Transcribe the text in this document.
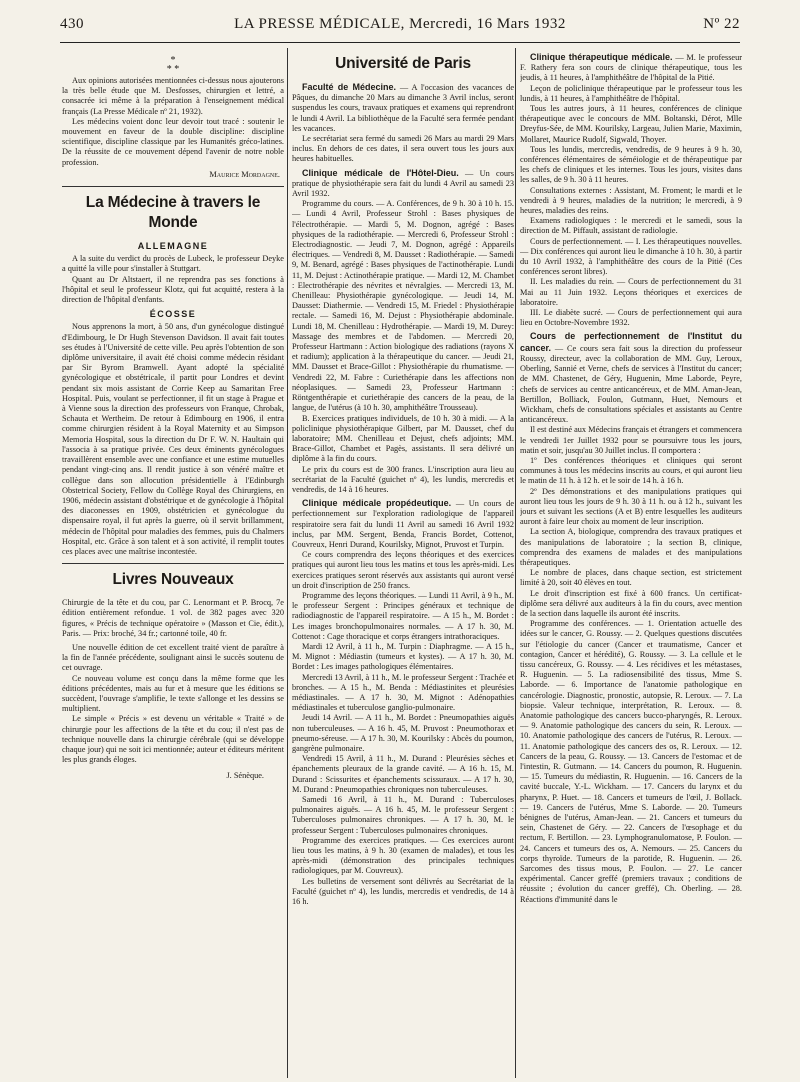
430	LA PRESSE MÉDICALE, Mercredi, 16 Mars 1932	Nº 22
*
* *

Aux opinions autorisées mentionnées ci-dessus nous ajouterons la très belle étude que M. Desfosses, chirurgien et lettré, a consacrée ici même à la préparation à l'enseignement médical français (La Presse Médicale nº 21, 1932).

Les médecins voient donc leur devoir tout tracé : soutenir le mouvement en faveur de la double discipline: discipline scientifique, discipline classique par les Humanités gréco-latines. De la réussite de ce mouvement dépend l'avenir de notre noble profession.

Maurice Mordagne.

La Médecine à travers le Monde
ALLEMAGNE

A la suite du verdict du procès de Lubeck, le professeur Deyke a quitté la ville pour s'installer à Stuttgart.

Quant au Dr Altstaert, il ne reprendra pas ses fonctions à l'hôpital et seul le professeur Klotz, qui fut acquitté, restera à la direction de l'hôpital d'enfants.

ÉCOSSE

Nous apprenons la mort, à 50 ans, d'un gynécologue distingué d'Edimbourg, le Dr Hugh Stevenson Davidson. Il avait fait toutes ses études à l'Université de cette ville. Peu après l'obtention de son diplôme universitaire, il avait été choisi comme médecin résidant par Sir Byrom Bramwell. Ayant adopté la spécialité gynécologique et obstétricale, il partit pour Londres et devint pendant six mois assistant de Corrie Keep au Samaritan Free Hospital. Puis, voulant se perfectionner, il fit un stage à Prague et à Vienne sous la direction des professeurs von Franque, Chrobak, Schauta et Wertheim. De retour à Edimbourg en 1906, il entra comme chirurgien résident à la Royal Maternity et au Simpson Memoria Hospital, sous la direction du Dr F. W. N. Haultain qui l'associa à sa pratique privée. Ces deux éminents gynécologues travaillèrent ensemble avec une confiance et une estime mutuelles pendant vingt-cinq ans. Il rendit justice à son vénéré maître et collègue dans son allocution présidentielle à l'Edinburgh Obstetrical Society, Fellow du Collège Royal des Chirurgiens, en 1906, médecin assistant d'obstétrique et de gynécologie à l'hôpital des diaconesses en 1909, obstétricien et gynécologue du dispensaire royal, il fut après la guerre, où il servit brillamment, médecin de l'hôpital pour maladies des femmes, puis du Chalmers Hospital, etc. Grâce à son talent et à son activité, il remplit toutes ces places avec une maîtrise incontestée.

Livres Nouveaux

Chirurgie de la tête et du cou, par C. Lenormant et P. Brocq, 7e édition entièrement refondue. 1 vol. de 382 pages avec 320 figures, « Précis de technique opératoire » (Masson et Cie, édit.), Paris. — Prix: broché, 34 fr.; cartonné toile, 40 fr.

Une nouvelle édition de cet excellent traité vient de paraître à la fin de l'année précédente, soulignant ainsi le succès soutenu de cet ouvrage.

Ce nouveau volume est conçu dans la même forme que les éditions précédentes, mais au fur et à mesure que les éditions se succèdent, l'ouvrage s'amplifie, le texte s'allonge et les dessins se multiplient.

Le simple « Précis » est devenu un véritable « Traité » de chirurgie pour les affections de la tête et du cou; il n'est pas de technique nouvelle dans la chirurgie cérébrale (qui se développe chaque jour) qui ne soit ici mentionnée; auteur et éditeurs méritent les plus grands éloges.

J. Sénèque.

Université de Paris

Faculté de Médecine. — A l'occasion des vacances de Pâques, du dimanche 20 Mars au dimanche 3 Avril inclus, seront suspendus les cours, travaux pratiques et examens qui reprendront le lundi 4 Avril. La bibliothèque de la Faculté sera fermée pendant les vacances.

Le secrétariat sera fermé du samedi 26 Mars au mardi 29 Mars inclus. En dehors de ces dates, il sera ouvert tous les jours aux heures habituelles.

Clinique médicale de l'Hôtel-Dieu. — Un cours pratique de physiothérapie sera fait du lundi 4 Avril au samedi 23 Avril 1932.

Programme du cours. — A. Conférences, de 9 h. 30 à 10 h. 15. — Lundi 4 Avril, Professeur Strohl : Bases physiques de l'électrothérapie. — Mardi 5, M. Dognon, agrégé : Bases physiques de la radiothérapie. — Mercredi 6, Professeur Strohl : Electrodiagnostic. — Jeudi 7, M. Dognon, agrégé : Appareils électriques. — Vendredi 8, M. Dausset : Radiothérapie. — Samedi 9, M. Benard, agrégé : Bases physiques de l'actinothérapie. Lundi 11, M. Dejust : Actinothérapie pratique. — Mardi 12, M. Chambet : Electrothérapie des névrites et névralgies. — Mercredi 13, M. Chenilleau: Physiothérapie gynécologique. — Jeudi 14, M. Dausset: Diathermie. — Vendredi 15, M. Friedel : Physiothérapie rectale. — Samedi 16, M. Dejust : Physiothérapie abdominale. Lundi 18, M. Chenilleau : Hydrothérapie. — Mardi 19, M. Durey: Massage des membres et de l'abdomen. — Mercredi 20, Professeur Hartmann : Action biologique des radiations (rayons X et radium); application à la thérapeutique du cancer. — Jeudi 21, MM. Dausset et Brace-Gillot : Physiothérapie du rhumatisme. — Vendredi 22, M. Fabre : Curiethérapie dans les affections non néoplasiques. — Samedi 23, Professeur Hartmann : Röntgenthérapie et curiethérapie des cancers de la peau, de la langue, de l'utérus (à 10 h. 30, amphithéâtre Trousseau).

B. Exercices pratiques individuels, de 10 h. 30 à midi. — A la policlinique physiothérapique Gilbert, par M. Dausset, chef du laboratoire; MM. Chenilleau et Dejust, chefs adjoints; MM. Brace-Gillot, Chambet et Pagès, assistants. Il sera délivré un diplôme à la fin du cours.

Le prix du cours est de 300 francs. L'inscription aura lieu au secrétariat de la Faculté (guichet nº 4), les lundis, mercredis et vendredis, de 14 à 16 heures.

Clinique médicale propédeutique. — Un cours de perfectionnement sur l'exploration radiologique de l'appareil respiratoire sera fait du lundi 11 Avril au samedi 16 Avril 1932 inclus, par MM. Sergent, Benda, Francis Bordet, Cottenot, Couvreux, Henri Durand, Kourilsky, Mignot, Pruvost et Turpin.

Ce cours comprendra des leçons théoriques et des exercices pratiques qui auront lieu tous les matins et tous les après-midi. Les exercices pratiques seront réservés aux assistants qui auront versé un droit d'inscription de 250 francs.

Programme des leçons théoriques. — Lundi 11 Avril, à 9 h., M. le professeur Sergent : Principes généraux et technique de radiodiagnostic de l'appareil respiratoire. — A 15 h., M. Bordet : Les images bronchopulmonaires normales. — A 17 h. 30, M. Cottenot : Cage thoracique et corps étrangers intrathoraciques.

Mardi 12 Avril, à 11 h., M. Turpin : Diaphragme. — A 15 h., M. Mignot : Médiastin (tumeurs et kystes). — A 17 h. 30, M. Bordet : Les images pathologiques élémentaires.

Mercredi 13 Avril, à 11 h., M. le professeur Sergent : Trachée et bronches. — A 15 h., M. Benda : Médiastinites et pleurésies médiastinales. — A 17 h. 30, M. Mignot : Adénopathies médiastinales et tuberculose ganglio-pulmonaire.

Jeudi 14 Avril. — A 11 h., M. Bordet : Pneumopathies aiguës non tuberculeuses. — A 16 h. 45, M. Pruvost : Pneumothorax et pneumo-séreuse. — A 17 h. 30, M. Kourilsky : Abcès du poumon, gangrène pulmonaire.

Vendredi 15 Avril, à 11 h., M. Durand : Pleurésies sèches et épanchements pleuraux de la grande cavité. — A 16 h. 15, M. Durand : Scissurites et épanchements scissuraux. — A 17 h. 30, M. Durand : Pneumopathies chroniques non tuberculeuses.

Samedi 16 Avril, à 11 h., M. Durand : Tuberculoses pulmonaires aiguës. — A 16 h. 45, M. le professeur Sergent : Tuberculoses pulmonaires chroniques. — A 17 h. 30, M. le professeur Sergent : Tuberculoses pulmonaires chroniques.

Programme des exercices pratiques. — Ces exercices auront lieu tous les matins, à 9 h. 30 (examen de malades), et tous les après-midi (démonstration des principales techniques radiologiques, par M. Couvreux).

Les bulletins de versement sont délivrés au Secrétariat de la Faculté (guichet nº 4), les lundis, mercredis et vendredis, de 14 à 16 h.

Clinique thérapeutique médicale. — M. le professeur F. Rathery fera son cours de clinique thérapeutique, tous les jeudis, à 11 heures, à l'amphithéâtre de l'hôpital de la Pitié.

Leçon de policlinique thérapeutique par le professeur tous les lundis, à 11 heures, à l'amphithéâtre de l'hôpital.

Tous les autres jours, à 11 heures, conférences de clinique thérapeutique avec le concours de MM. Boltanski, Dérot, Mlle Dreyfus-Sée, de MM. Kourilsky, Largeau, Julien Marie, Maximin, Mollaret, Maurice Rudolf, Sigwald, Thoyer.

Tous les lundis, mercredis, vendredis, de 9 heures à 9 h. 30, conférences élémentaires de séméiologie et de thérapeutique par les chefs de cliniques et les internes. Tous les jours, visites dans les salles, de 9 h. 30 à 11 heures.

Consultations externes : Assistant, M. Froment; le mardi et le vendredi à 9 heures, maladies de la nutrition; le mercredi, à 9 heures, maladies des reins.

Examens radiologiques : le mercredi et le samedi, sous la direction de M. Piffault, assistant de radiologie.

Cours de perfectionnement. — I. Les thérapeutiques nouvelles. — Dix conférences qui auront lieu le dimanche à 10 h. 30, à partir du 10 Avril 1932, à l'amphithéâtre des cours de la Pitié (Ces conférences seront libres).

II. Les maladies du rein. — Cours de perfectionnement du 31 Mai au 11 Juin 1932. Leçons théoriques et exercices de laboratoire.

III. Le diabète sucré. — Cours de perfectionnement qui aura lieu en Octobre-Novembre 1932.

Cours de perfectionnement de l'Institut du cancer. — Ce cours sera fait sous la direction du professeur Roussy, directeur, avec la collaboration de MM. Guy, Leroux, Oberling, Sannié et Verne, chefs de services à l'Institut du cancer; de MM. Chastenet, de Géry, Huguenin, Mme Laborde, Peyre, chefs de services au centre anticancéreux, et de MM. Aman-Jean, Bertillon, Bolliack, Foulon, Gutmann, Huet, Nemours et Wickham, chefs de consultations spéciales et assistants au Centre anticancéreux.

Il est destiné aux Médecins français et étrangers et commencera le vendredi 1er Juillet 1932 pour se poursuivre tous les jours, matin et soir, jusqu'au 30 Juillet inclus. Il comportera :

1º Des conférences théoriques et cliniques qui seront communes à tous les médecins inscrits au cours, et qui auront lieu le matin de 11 h. à 12 h. et le soir de 14 h. à 16 h.

2º Des démonstrations et des manipulations pratiques qui auront lieu tous les jours de 9 h. 30 à 11 h. ou à 12 h., suivant les jours et suivant les sections (A et B) entre lesquelles les auditeurs auront à faire leur choix au moment de leur inscription.

La section A, biologique, comprendra des travaux pratiques et des manipulations de laboratoire ; la section B, clinique, comprendra des examens de malades et des manipulations thérapeutiques.

Le nombre de places, dans chaque section, est strictement limité à 20, soit 40 élèves en tout.

Le droit d'inscription est fixé à 600 francs. Un certificat-diplôme sera délivré aux auditeurs à la fin du cours, avec mention de la section dans laquelle ils auront été inscrits.

Programme des conférences. — 1. Orientation actuelle des idées sur le cancer, G. Roussy. — 2. Quelques questions discutées sur l'étiologie du cancer (Cancer et traumatisme, Cancer et contagion, Cancer et hérédité), G. Roussy. — 3. La cellule et le tissu cancéreux, G. Roussy. — 4. Les récidives et les métastases, R. Huguenin. — 5. La radiosensibilité des tissus, Mme S. Laborde. — 6. Importance de l'anatomie pathologique en cancérologie. Diagnostic, pronostic, autopsie, R. Leroux. — 7. La biopsie. Valeur technique, interprétation, R. Leroux. — 8. Anatomie pathologique des cancers bucco-pharyngés, R. Leroux. — 9. Anatomie pathologique des cancers du sein, R. Leroux. — 10. Anatomie pathologique des cancers de l'utérus, R. Leroux. — 11. Anatomie pathologique des cancers des os, R. Leroux. — 12. Cancers de la peau, G. Roussy. — 13. Cancers de l'estomac et de l'intestin, R. Gutmann. — 14. Cancers du poumon, R. Huguenin. — 15. Tumeurs du médiastin, R. Huguenin. — 16. Cancers de la cavité buccale, Y.-L. Wickham. — 17. Cancers du larynx et du pharynx, P. Huet. — 18. Cancers et tumeurs de l'œil, J. Bollack. — 19. Cancers de l'utérus, Mme S. Laborde. — 20. Tumeurs bénignes de l'utérus, Aman-Jean. — 21. Cancers et tumeurs du sein, Chastenet de Géry. — 22. Cancers de l'œsophage et du rectum, F. Bertillon. — 23. Lymphogranulomatose, P. Foulon. — 24. Cancers et tumeurs des os, A. Nemours. — 25. Cancers du corps thyroïde. Tumeurs de la parotide, R. Huguenin. — 26. Sarcomes des tissus mous, P. Foulon. — 27. Le cancer expérimental. Cancer greffé (premiers travaux ; conditions de réussite ; évolution du cancer greffé), Ch. Oberling. — 28. Réactions d'immunité dans le
